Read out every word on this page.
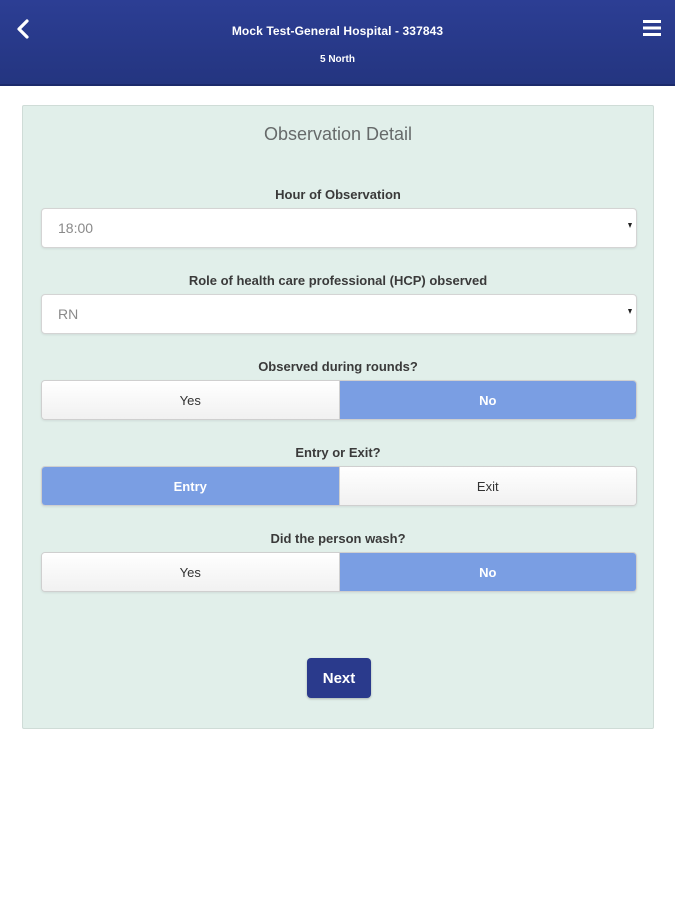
Mock Test-General Hospital - 337843
5 North
Observation Detail
Hour of Observation
18:00
Role of health care professional (HCP) observed
RN
Observed during rounds?
Yes	No
Entry or Exit?
Entry	Exit
Did the person wash?
Yes	No
Next
